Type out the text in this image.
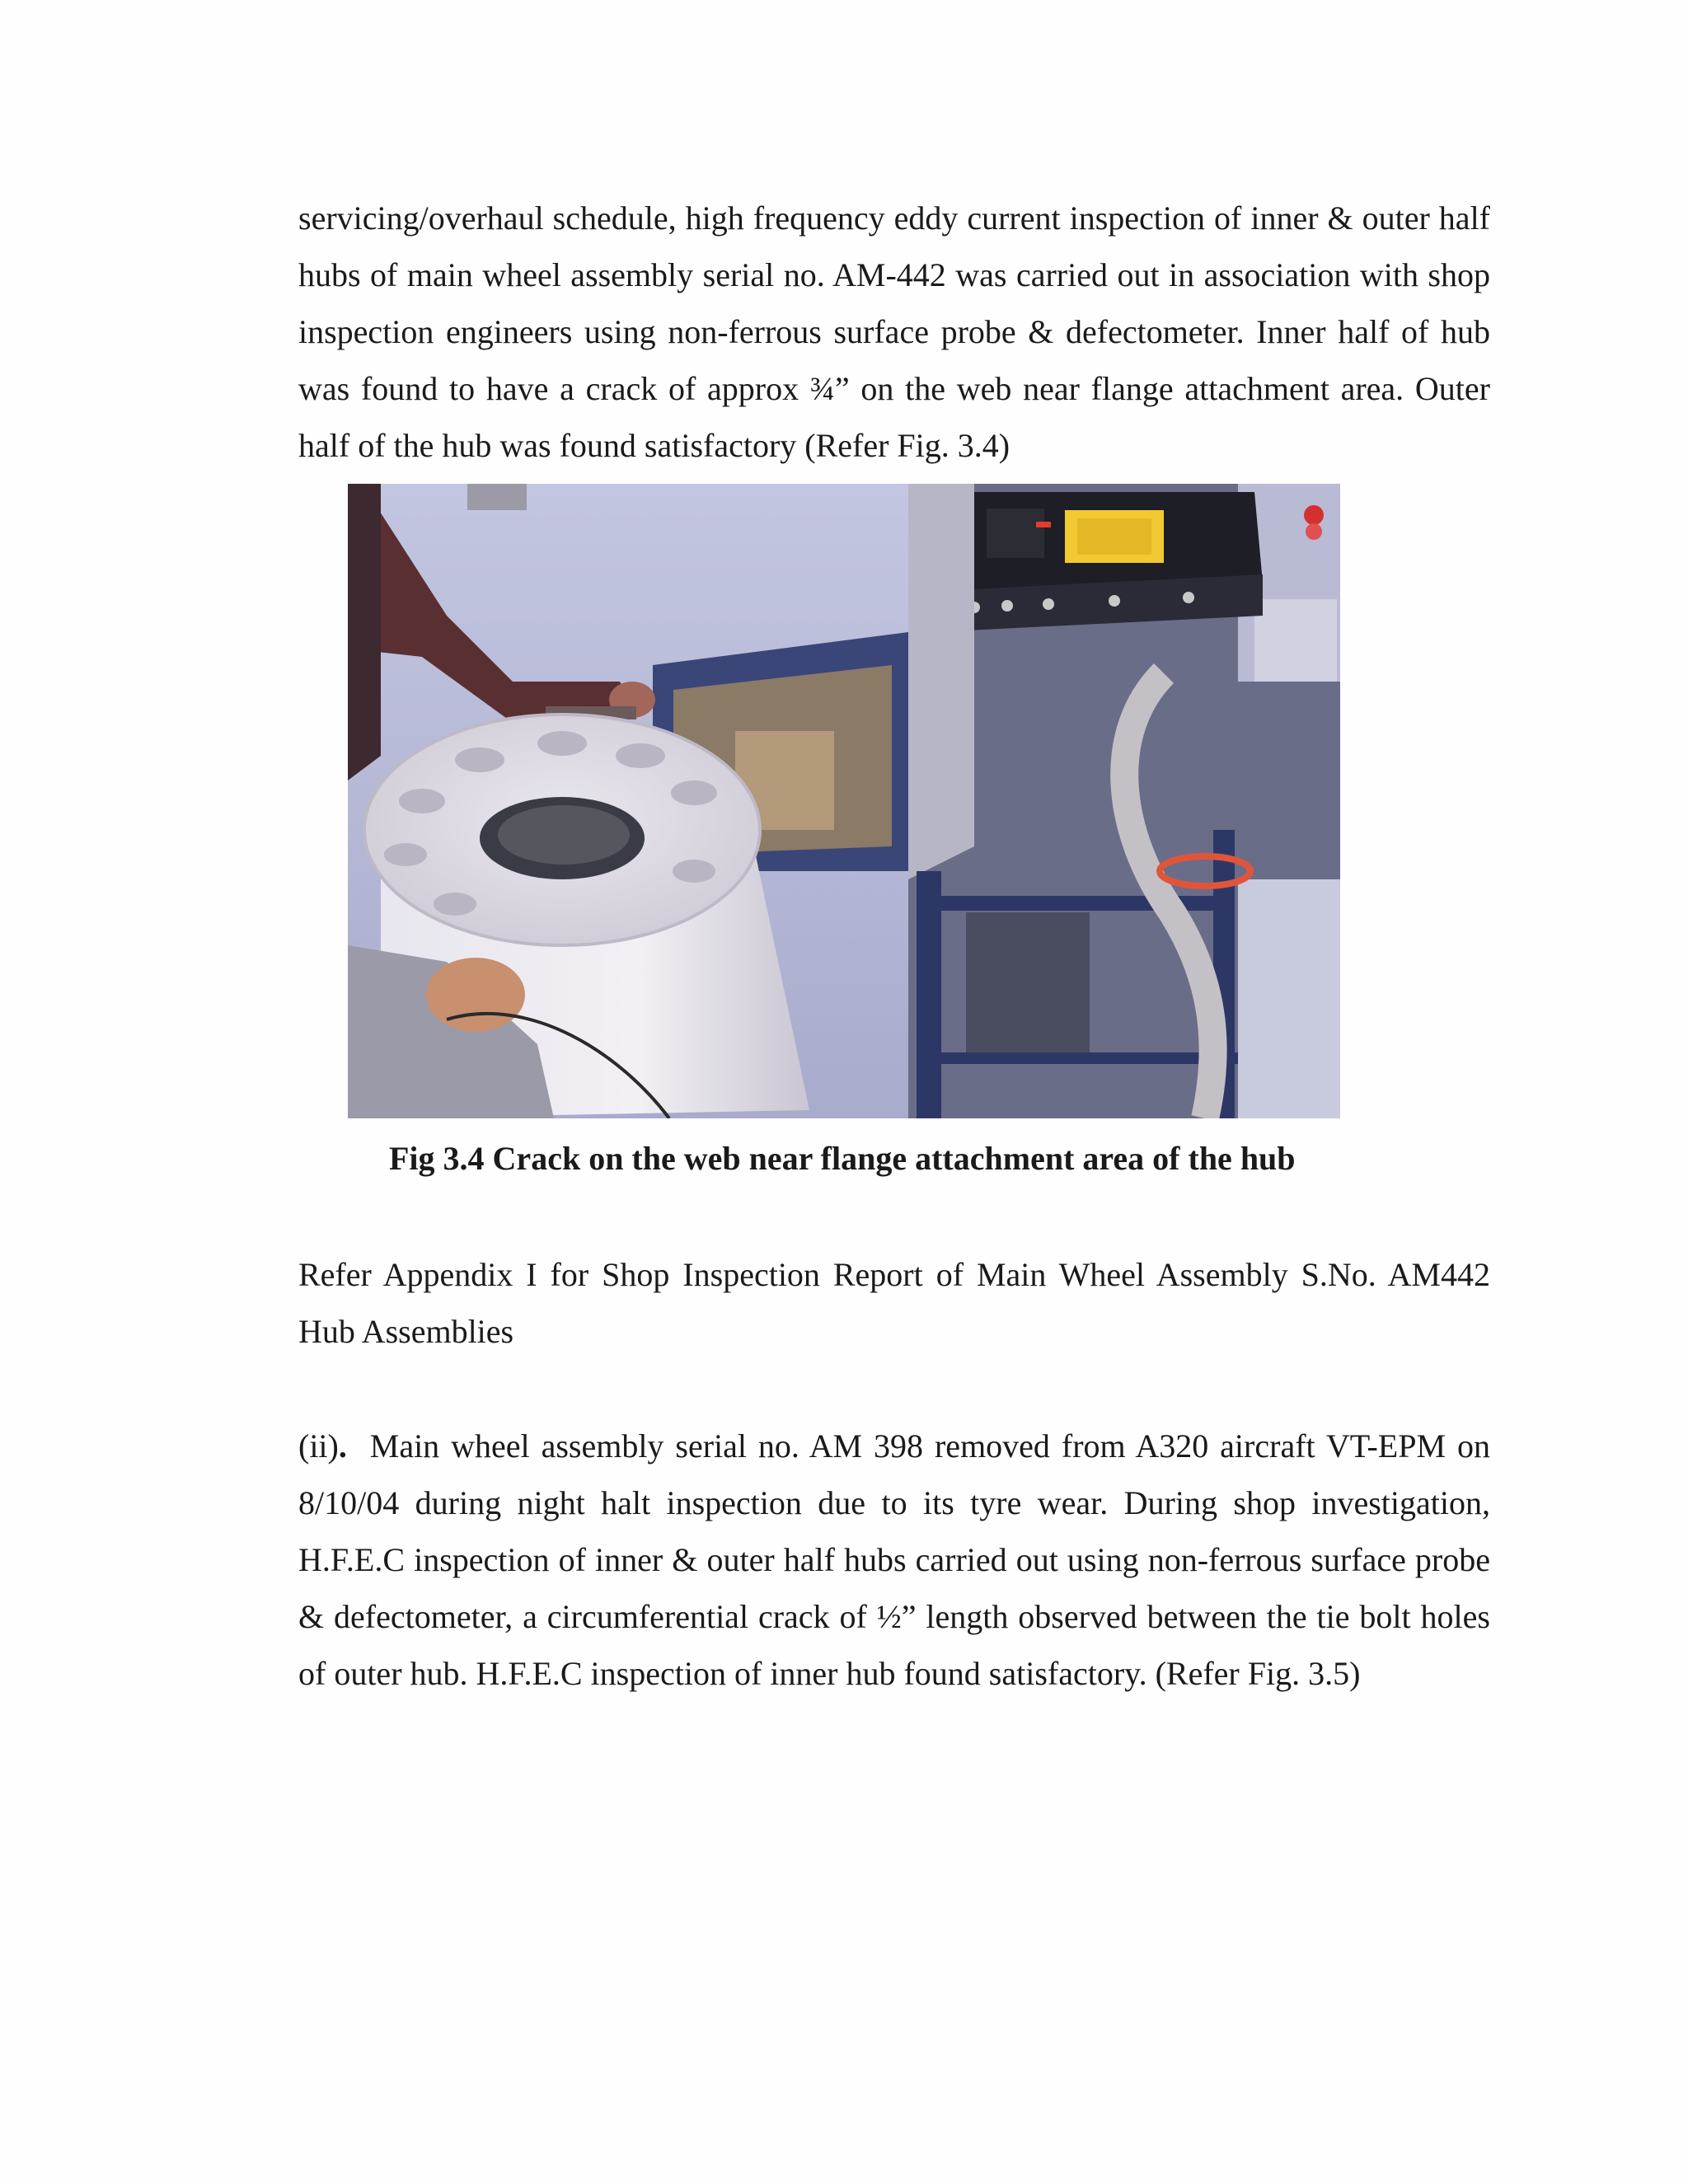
servicing/overhaul schedule, high frequency eddy current inspection of inner & outer half hubs of main wheel assembly serial no. AM-442 was carried out in association with shop inspection engineers using non-ferrous surface probe & defectometer. Inner half of hub was found to have a crack of approx ¾” on the web near flange attachment area. Outer half of the hub was found satisfactory (Refer Fig. 3.4)

Fig 3.4 Crack on the web near flange attachment area of the hub

Refer Appendix I for Shop Inspection Report of Main Wheel Assembly S.No. AM442 Hub Assemblies

(ii). Main wheel assembly serial no. AM 398 removed from A320 aircraft VT-EPM on 8/10/04 during night halt inspection due to its tyre wear. During shop investigation, H.F.E.C inspection of inner & outer half hubs carried out using non-ferrous surface probe & defectometer, a circumferential crack of ½” length observed between the tie bolt holes of outer hub. H.F.E.C inspection of inner hub found satisfactory. (Refer Fig. 3.5)
